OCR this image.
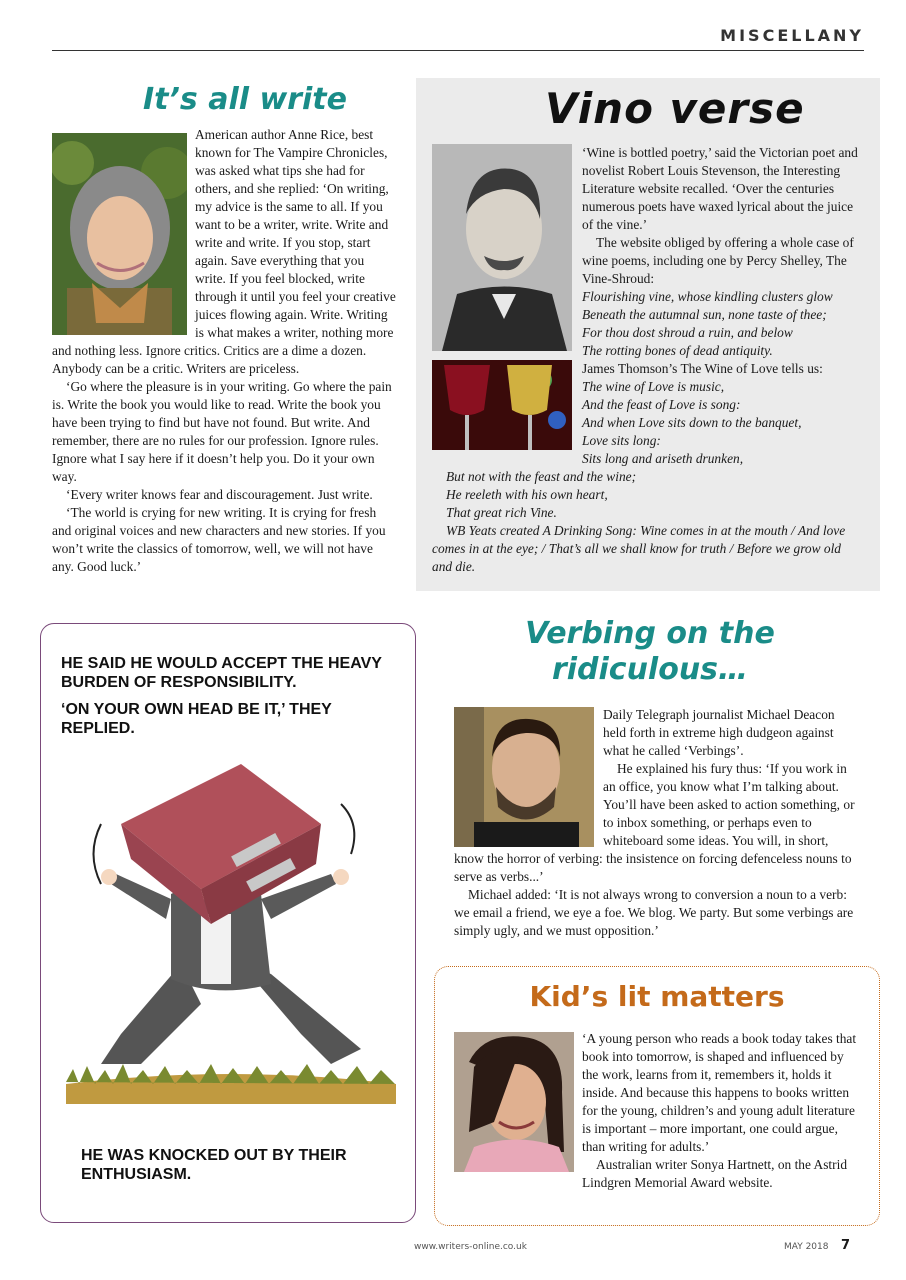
MISCELLANY
It’s all write

American author Anne Rice, best known for The Vampire Chronicles, was asked what tips she had for others, and she replied: ‘On writing, my advice is the same to all. If you want to be a writer, write. Write and write and write. If you stop, start again. Save everything that you write. If you feel blocked, write through it until you feel your creative juices flowing again. Write. Writing is what makes a writer, nothing more and nothing less. Ignore critics. Critics are a dime a dozen. Anybody can be a critic. Writers are priceless.

‘Go where the pleasure is in your writing. Go where the pain is. Write the book you would like to read. Write the book you have been trying to find but have not found. But write. And remember, there are no rules for our profession. Ignore rules. Ignore what I say here if it doesn’t help you. Do it your own way.

‘Every writer knows fear and discouragement. Just write.

‘The world is crying for new writing. It is crying for fresh and original voices and new characters and new stories. If you won’t write the classics of tomorrow, well, we will not have any. Good luck.’

Vino verse

‘Wine is bottled poetry,’ said the Victorian poet and novelist Robert Louis Stevenson, the Interesting Literature website recalled. ‘Over the centuries numerous poets have waxed lyrical about the juice of the vine.’

The website obliged by offering a whole case of wine poems, including one by Percy Shelley, The Vine-Shroud:

Flourishing vine, whose kindling clusters glow

Beneath the autumnal sun, none taste of thee;

For thou dost shroud a ruin, and below

The rotting bones of dead antiquity.

James Thomson’s The Wine of Love tells us:

The wine of Love is music,

And the feast of Love is song:

And when Love sits down to the banquet,

Love sits long:

Sits long and ariseth drunken,

But not with the feast and the wine;

He reeleth with his own heart,

That great rich Vine.

WB Yeats created A Drinking Song: Wine comes in at the mouth / And love comes in at the eye; / That’s all we shall know for truth / Before we grow old and die.

HE SAID HE WOULD ACCEPT THE HEAVY BURDEN OF RESPONSIBILITY.
‘ON YOUR OWN HEAD BE IT,’ THEY REPLIED.
HE WAS KNOCKED OUT BY THEIR ENTHUSIASM.
Verbing on the
ridiculous…

Daily Telegraph journalist Michael Deacon held forth in extreme high dudgeon against what he called ‘Verbings’.

He explained his fury thus: ‘If you work in an office, you know what I’m talking about. You’ll have been asked to action something, or to inbox something, or perhaps even to whiteboard some ideas. You will, in short, know the horror of verbing: the insistence on forcing defenceless nouns to serve as verbs...’

Michael added: ‘It is not always wrong to conversion a noun to a verb: we email a friend, we eye a foe. We blog. We party. But some verbings are simply ugly, and we must opposition.’

Kid’s lit matters

‘A young person who reads a book today takes that book into tomorrow, is shaped and influenced by the work, learns from it, remembers it, holds it inside. And because this happens to books written for the young, children’s and young adult literature is important – more important, one could argue, than writing for adults.’

Australian writer Sonya Hartnett, on the Astrid Lindgren Memorial Award website.

www.writers-online.co.uk	MAY 2018 7
